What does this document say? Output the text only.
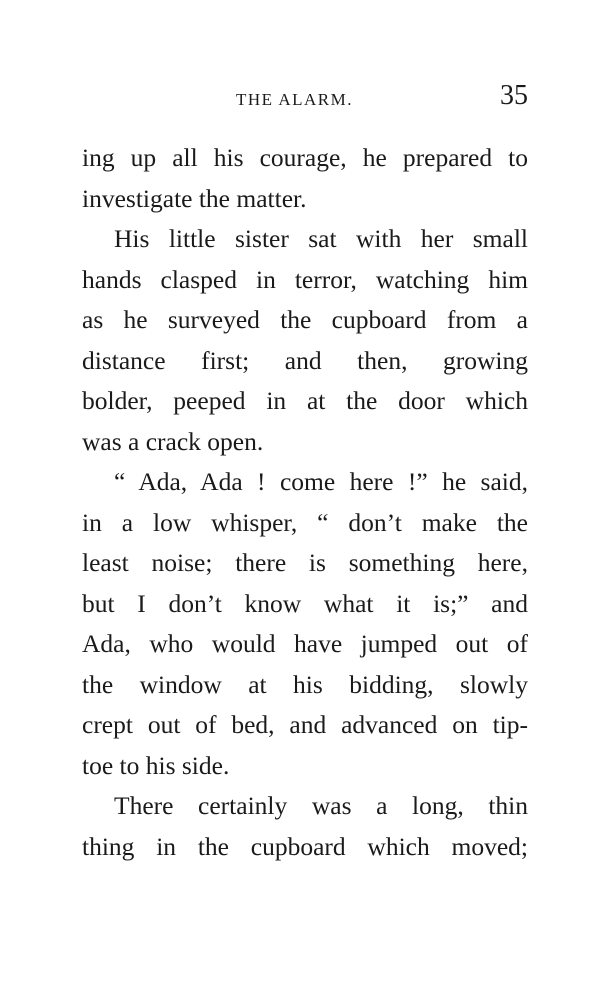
THE ALARM.	35
ing up all his courage, he prepared to
investigate the matter.
His little sister sat with her small
hands clasped in terror, watching him
as he surveyed the cupboard from a
distance first; and then, growing
bolder, peeped in at the door which
was a crack open.
“ Ada, Ada ! come here !” he said,
in a low whisper, “ don’t make the
least noise; there is something here,
but I don’t know what it is;” and
Ada, who would have jumped out of
the window at his bidding, slowly
crept out of bed, and advanced on tip-
toe to his side.
There certainly was a long, thin
thing in the cupboard which moved;
